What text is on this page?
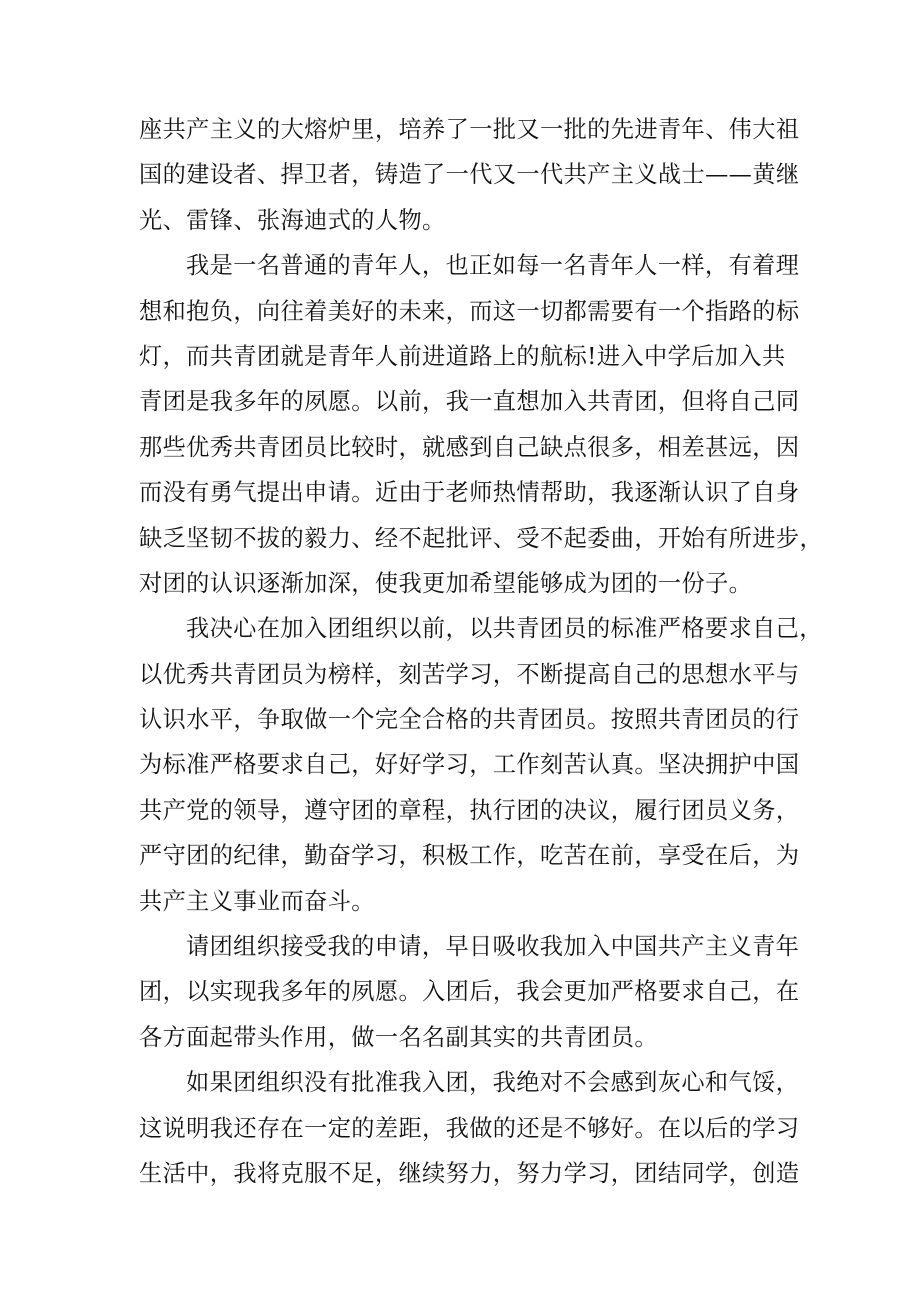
座共产主义的大熔炉里，培养了一批又一批的先进青年、伟大祖
国的建设者、捍卫者，铸造了一代又一代共产主义战士——黄继
光、雷锋、张海迪式的人物。

我是一名普通的青年人，也正如每一名青年人一样，有着理
想和抱负，向往着美好的未来，而这一切都需要有一个指路的标
灯，而共青团就是青年人前进道路上的航标!进入中学后加入共
青团是我多年的夙愿。以前，我一直想加入共青团，但将自己同
那些优秀共青团员比较时，就感到自己缺点很多，相差甚远，因
而没有勇气提出申请。近由于老师热情帮助，我逐渐认识了自身
缺乏坚韧不拔的毅力、经不起批评、受不起委曲，开始有所进步，
对团的认识逐渐加深，使我更加希望能够成为团的一份子。

我决心在加入团组织以前，以共青团员的标准严格要求自己，
以优秀共青团员为榜样，刻苦学习，不断提高自己的思想水平与
认识水平，争取做一个完全合格的共青团员。按照共青团员的行
为标准严格要求自己，好好学习，工作刻苦认真。坚决拥护中国
共产党的领导，遵守团的章程，执行团的决议，履行团员义务，
严守团的纪律，勤奋学习，积极工作，吃苦在前，享受在后，为
共产主义事业而奋斗。

请团组织接受我的申请，早日吸收我加入中国共产主义青年
团，以实现我多年的夙愿。入团后，我会更加严格要求自己，在
各方面起带头作用，做一名名副其实的共青团员。

如果团组织没有批准我入团，我绝对不会感到灰心和气馁，
这说明我还存在一定的差距，我做的还是不够好。在以后的学习
生活中，我将克服不足，继续努力，努力学习，团结同学，创造
